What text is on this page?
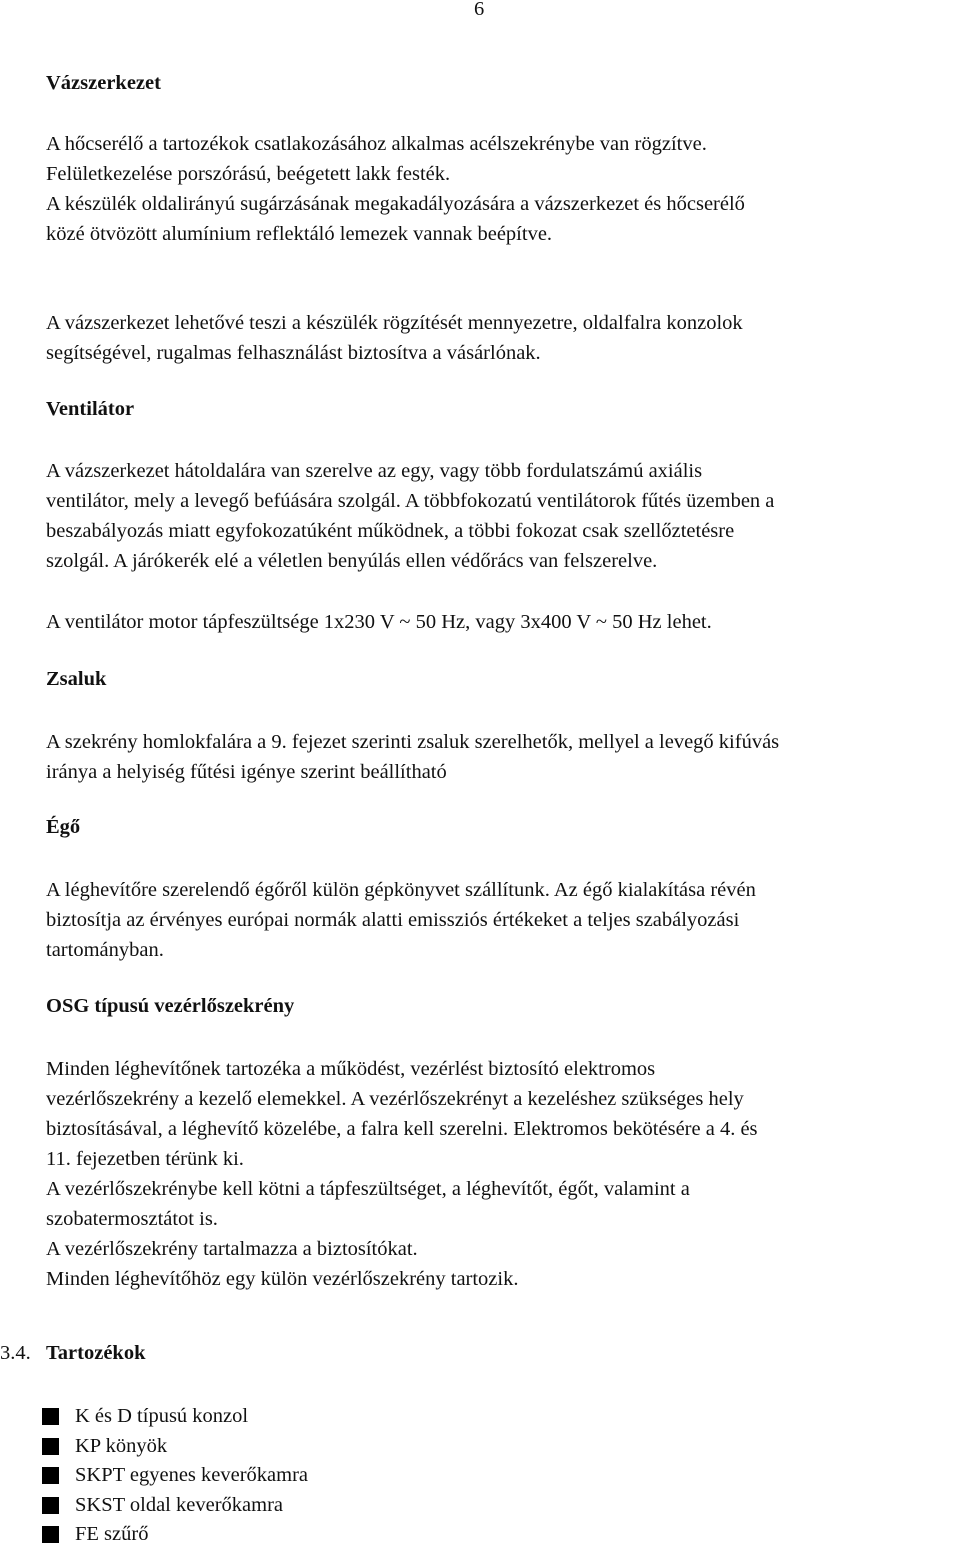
6
Vázszerkezet
A hőcserélő a tartozékok csatlakozásához alkalmas acélszekrénybe van rögzítve.
Felületkezelése porszórású, beégetett lakk festék.
A készülék oldalirányú sugárzásának megakadályozására a vázszerkezet és hőcserélő
közé ötvözött alumínium reflektáló lemezek vannak beépítve.
A vázszerkezet lehetővé teszi a készülék rögzítését mennyezetre, oldalfalra konzolok
segítségével, rugalmas felhasználást biztosítva a vásárlónak.
Ventilátor
A vázszerkezet hátoldalára van szerelve az egy, vagy több fordulatszámú axiális
ventilátor, mely a levegő befúására szolgál. A többfokozatú ventilátorok fűtés üzemben a
beszabályozás miatt egyfokozatúként működnek, a többi fokozat csak szellőztetésre
szolgál. A járókerék elé a véletlen benyúlás ellen védőrács van felszerelve.
A ventilátor motor tápfeszültsége 1x230 V ~ 50 Hz, vagy 3x400 V ~ 50 Hz lehet.
Zsaluk
A szekrény homlokfalára a 9. fejezet szerinti zsaluk szerelhetők, mellyel a levegő kifúvás
iránya a helyiség fűtési igénye szerint beállítható
Égő
A léghevítőre szerelendő égőről külön gépkönyvet szállítunk. Az égő kialakítása révén
biztosítja az érvényes európai normák alatti emissziós értékeket a teljes szabályozási
tartományban.
OSG típusú vezérlőszekrény
Minden léghevítőnek tartozéka a működést, vezérlést biztosító elektromos
vezérlőszekrény a kezelő elemekkel. A vezérlőszekrényt a kezeléshez szükséges hely
biztosításával, a léghevítő közelébe, a falra kell szerelni. Elektromos bekötésére a 4. és
11. fejezetben térünk ki.
A vezérlőszekrénybe kell kötni a tápfeszültséget, a léghevítőt, égőt, valamint a
szobatermosztátot is.
A vezérlőszekrény tartalmazza a biztosítókat.
Minden léghevítőhöz egy külön vezérlőszekrény tartozik.
3.4. Tartozékok
K és D típusú konzol
KP könyök
SKPT egyenes keverőkamra
SKST oldal keverőkamra
FE szűrő
